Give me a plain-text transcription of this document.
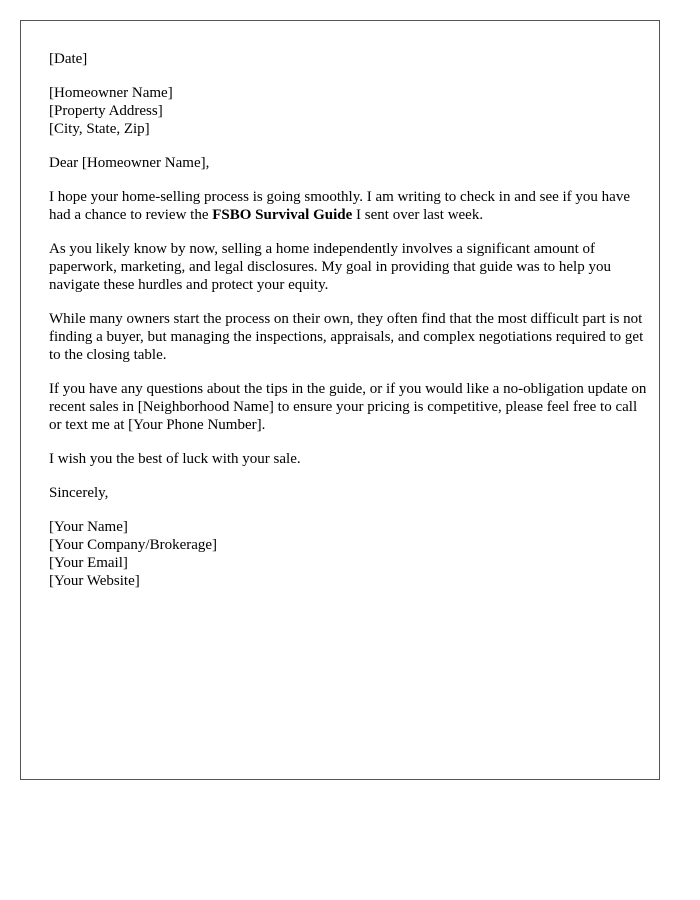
[Date]

[Homeowner Name]
[Property Address]
[City, State, Zip]

Dear [Homeowner Name],

I hope your home-selling process is going smoothly. I am writing to check in and see if you have had a chance to review the FSBO Survival Guide I sent over last week.

As you likely know by now, selling a home independently involves a significant amount of paperwork, marketing, and legal disclosures. My goal in providing that guide was to help you navigate these hurdles and protect your equity.

While many owners start the process on their own, they often find that the most difficult part is not finding a buyer, but managing the inspections, appraisals, and complex negotiations required to get to the closing table.

If you have any questions about the tips in the guide, or if you would like a no-obligation update on recent sales in [Neighborhood Name] to ensure your pricing is competitive, please feel free to call or text me at [Your Phone Number].

I wish you the best of luck with your sale.

Sincerely,

[Your Name]
[Your Company/Brokerage]
[Your Email]
[Your Website]
